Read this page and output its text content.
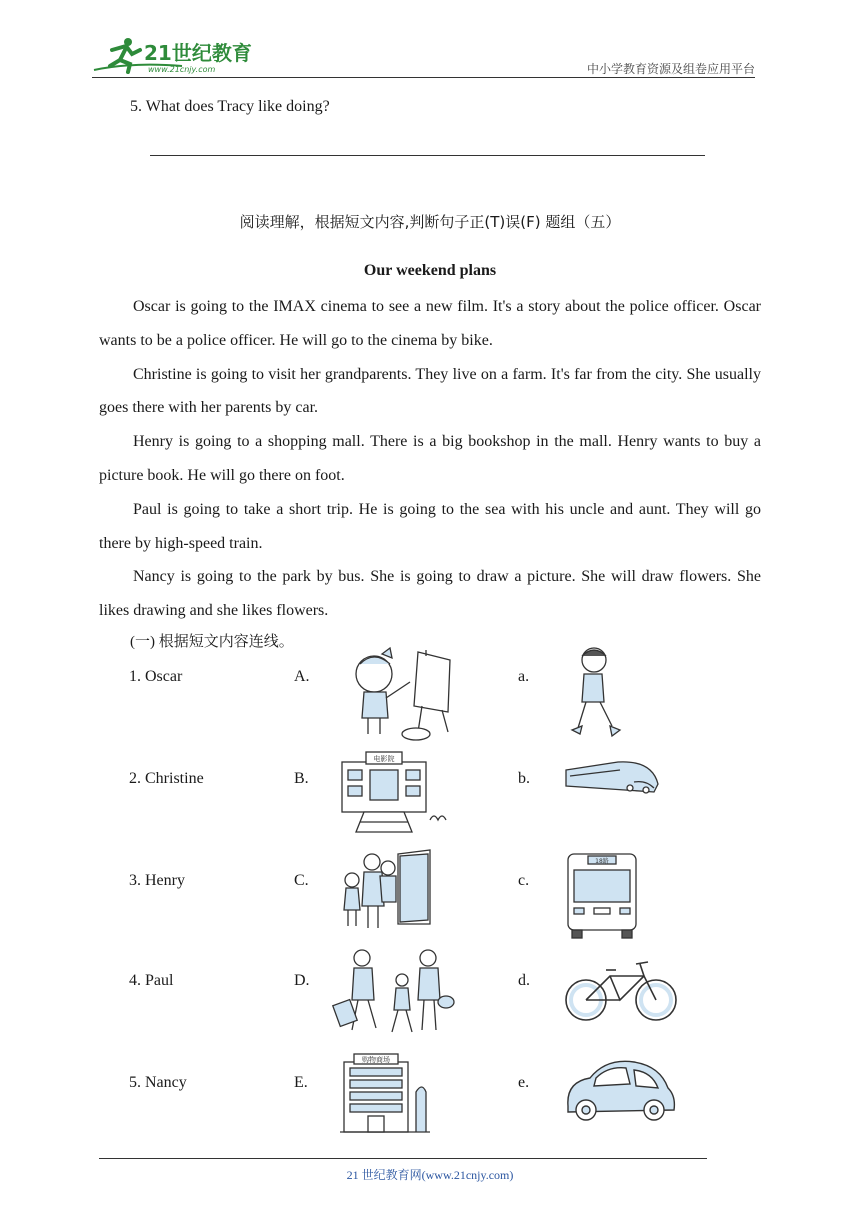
21世纪教育
www.21cnjy.com	中小学教育资源及组卷应用平台
5. What does Tracy like doing?
阅读理解，根据短文内容,判断句子正(T)误(F) 题组（五）
Our weekend plans

Oscar is going to the IMAX cinema to see a new film. It's a story about the police officer. Oscar wants to be a police officer. He will go to the cinema by bike.

Christine is going to visit her grandparents. They live on a farm. It's far from the city. She usually goes there with her parents by car.

Henry is going to a shopping mall. There is a big bookshop in the mall. Henry wants to buy a picture book. He will go there on foot.

Paul is going to take a short trip. He is going to the sea with his uncle and aunt. They will go there by high-speed train.

Nancy is going to the park by bus. She is going to draw a picture. She will draw flowers. She likes drawing and she likes flowers.

(一) 根据短文内容连线。
1. Oscar	A.	a.
2. Christine	B.	b.
电影院
3. Henry	C.	c.
18路
4. Paul	D.	d.
5. Nancy	E.	e.
购物商场
21 世纪教育网(www.21cnjy.com)
